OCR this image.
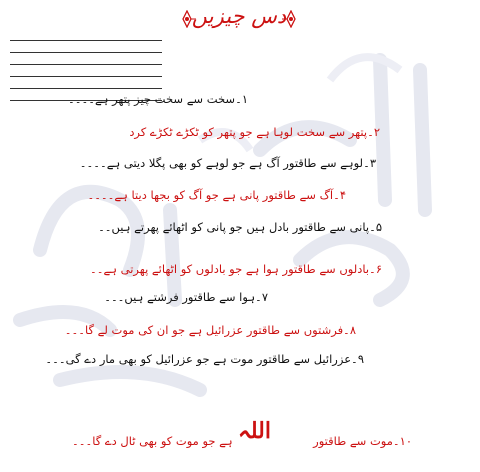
دس چیزیں
۱۔سخت سے سخت چیز پتھر ہے۔۔۔۔
۲۔پتھر سے سخت لوہا ہے جو پتھر کو ٹکڑے ٹکڑے کرد
۳۔لوہے سے طاقتور آگ ہے جو لوہے کو بھی پگلا دیتی ہے۔۔۔۔
۴۔آگ سے طاقتور پانی ہے جو آگ کو بجھا دیتا ہے۔۔۔۔
۵۔پانی سے طاقتور بادل ہیں جو پانی کو اٹھائے پھرتے ہیں۔۔
۶۔بادلوں سے طاقتور ہوا ہے جو بادلوں کو اٹھائے پھرتی ہے۔۔
۷۔ہوا سے طاقتور فرشتے ہیں۔۔۔
۸۔فرشتوں سے طاقتور عزرائیل ہے جو ان کی موت لے گا۔۔۔
۹۔عزرائیل سے طاقتور موت ہے جو عزرائیل کو بھی مار دے گی۔۔۔
ہے جو موت کو بھی ٹال دے گا۔۔۔ اللہ	۱۰۔موت سے طاقتور
